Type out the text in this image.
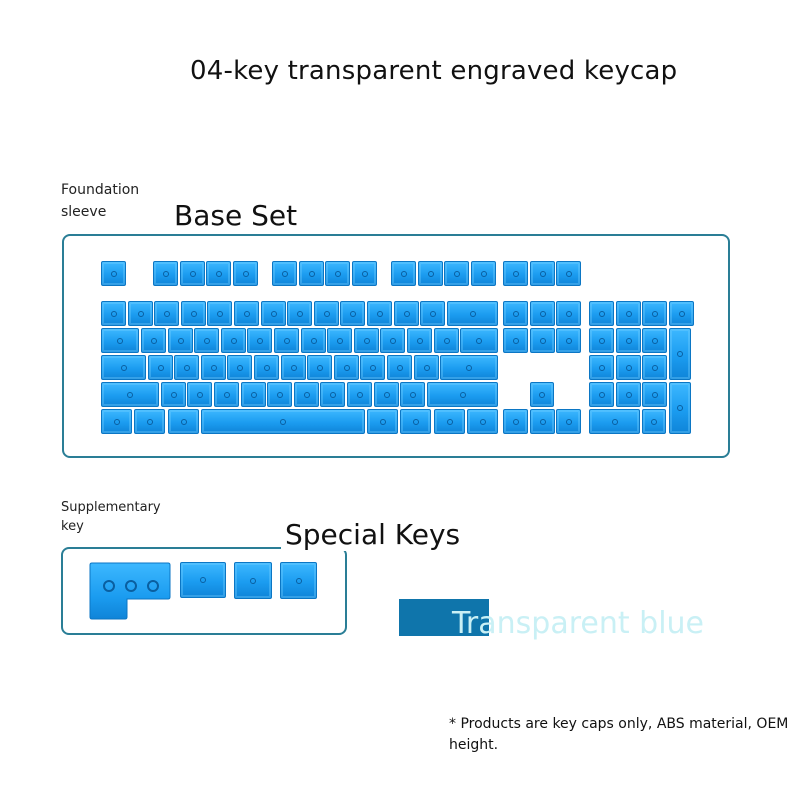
04-key transparent engraved keycap
Foundation sleeve	Base Set
Supplementary key	Special Keys
Transparent blue
* Products are key caps only, ABS material, OEM height.
